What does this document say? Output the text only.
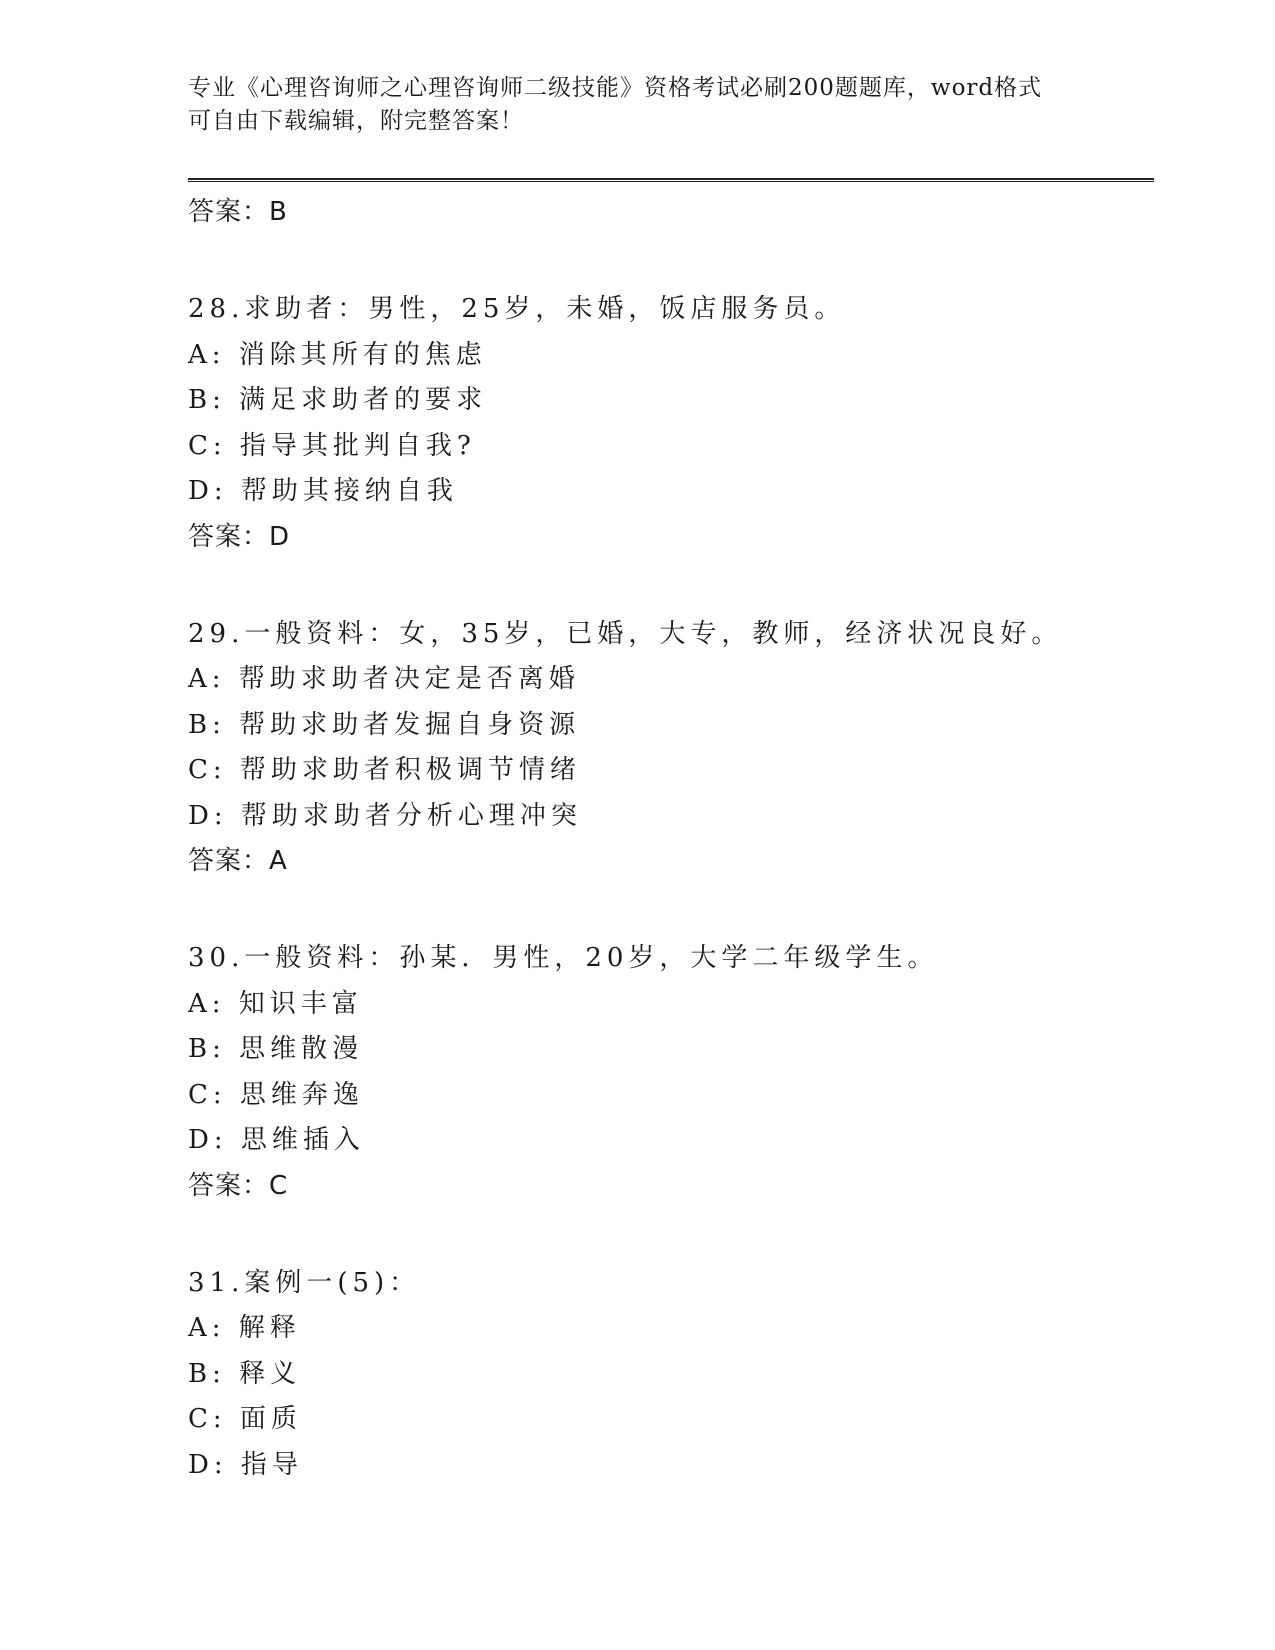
专业《心理咨询师之心理咨询师二级技能》资格考试必刷200题题库，word格式
可自由下载编辑，附完整答案！
答案：B
28.求助者：男性，25岁，未婚，饭店服务员。
A: 消除其所有的焦虑
B: 满足求助者的要求
C: 指导其批判自我?
D: 帮助其接纳自我
答案：D
29.一般资料：女，35岁，已婚，大专，教师，经济状况良好。
A: 帮助求助者决定是否离婚
B: 帮助求助者发掘自身资源
C: 帮助求助者积极调节情绪
D: 帮助求助者分析心理冲突
答案：A
30.一般资料：孙某．男性，20岁，大学二年级学生。
A: 知识丰富
B: 思维散漫
C: 思维奔逸
D: 思维插入
答案：C
31.案例一(5)：
A: 解释
B: 释义
C: 面质
D: 指导
